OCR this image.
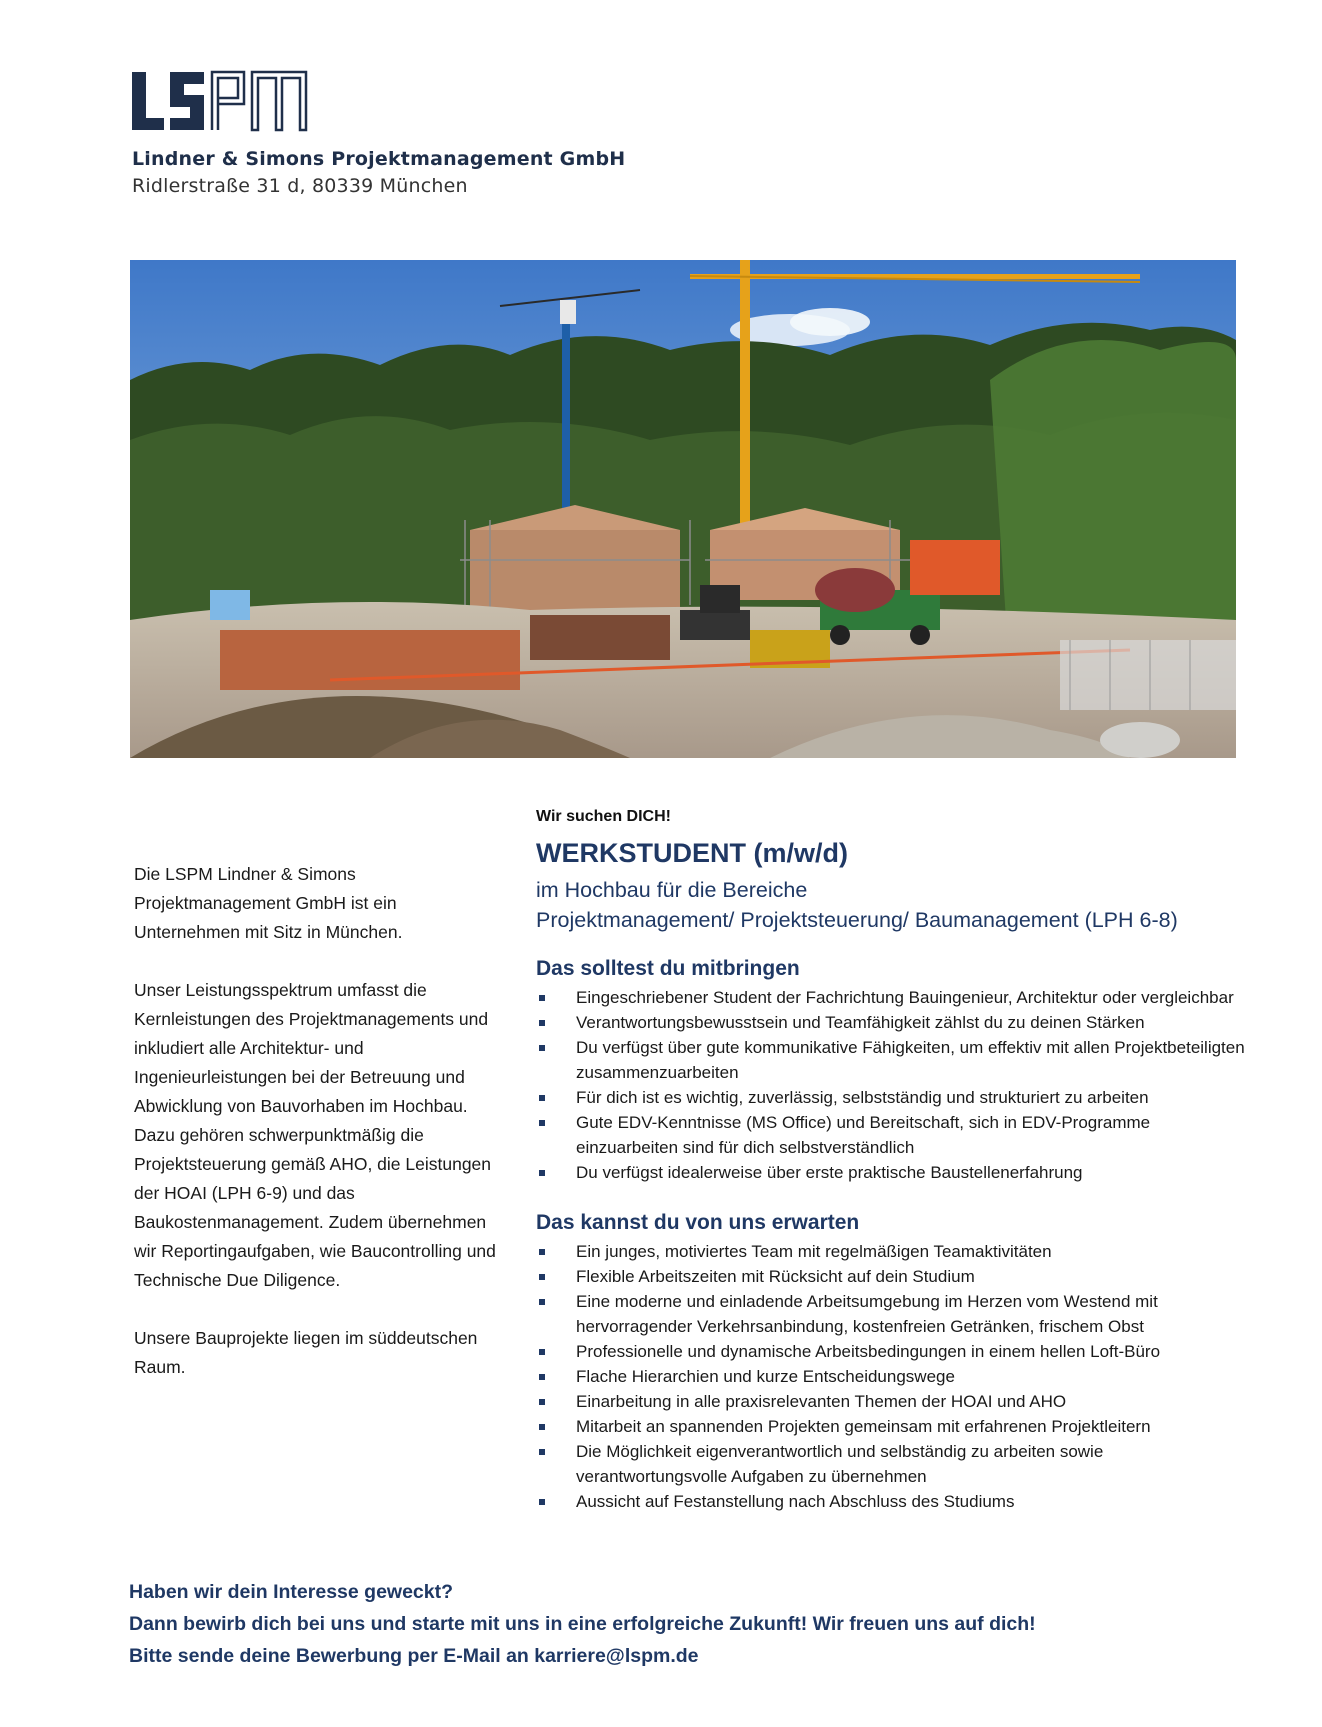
Lindner & Simons Projektmanagement GmbH
Ridlerstraße 31 d, 80339 München

Die LSPM Lindner & Simons Projektmanagement GmbH ist ein Unternehmen mit Sitz in München.

Unser Leistungsspektrum umfasst die Kernleistungen des Projektmanagements und inkludiert alle Architektur- und Ingenieurleistungen bei der Betreuung und Abwicklung von Bauvorhaben im Hochbau. Dazu gehören schwerpunktmäßig die Projektsteuerung gemäß AHO, die Leistungen der HOAI (LPH 6-9) und das Baukostenmanagement. Zudem übernehmen wir Reportingaufgaben, wie Baucontrolling und Technische Due Diligence.

Unsere Bauprojekte liegen im süddeutschen Raum.

Wir suchen DICH!
WERKSTUDENT (m/w/d)
im Hochbau für die Bereiche
Projektmanagement/ Projektsteuerung/ Baumanagement (LPH 6-8)
Das solltest du mitbringen
Eingeschriebener Student der Fachrichtung Bauingenieur, Architektur oder vergleichbar
Verantwortungsbewusstsein und Teamfähigkeit zählst du zu deinen Stärken
Du verfügst über gute kommunikative Fähigkeiten, um effektiv mit allen Projektbeteiligten zusammenzuarbeiten
Für dich ist es wichtig, zuverlässig, selbstständig und strukturiert zu arbeiten
Gute EDV-Kenntnisse (MS Office) und Bereitschaft, sich in EDV-Programme einzuarbeiten sind für dich selbstverständlich
Du verfügst idealerweise über erste praktische Baustellenerfahrung
Das kannst du von uns erwarten
Ein junges, motiviertes Team mit regelmäßigen Teamaktivitäten
Flexible Arbeitszeiten mit Rücksicht auf dein Studium
Eine moderne und einladende Arbeitsumgebung im Herzen vom Westend mit hervorragender Verkehrsanbindung, kostenfreien Getränken, frischem Obst
Professionelle und dynamische Arbeitsbedingungen in einem hellen Loft-Büro
Flache Hierarchien und kurze Entscheidungswege
Einarbeitung in alle praxisrelevanten Themen der HOAI und AHO
Mitarbeit an spannenden Projekten gemeinsam mit erfahrenen Projektleitern
Die Möglichkeit eigenverantwortlich und selbständig zu arbeiten sowie verantwortungsvolle Aufgaben zu übernehmen
Aussicht auf Festanstellung nach Abschluss des Studiums
Haben wir dein Interesse geweckt?
Dann bewirb dich bei uns und starte mit uns in eine erfolgreiche Zukunft! Wir freuen uns auf dich!
Bitte sende deine Bewerbung per E-Mail an karriere@lspm.de
